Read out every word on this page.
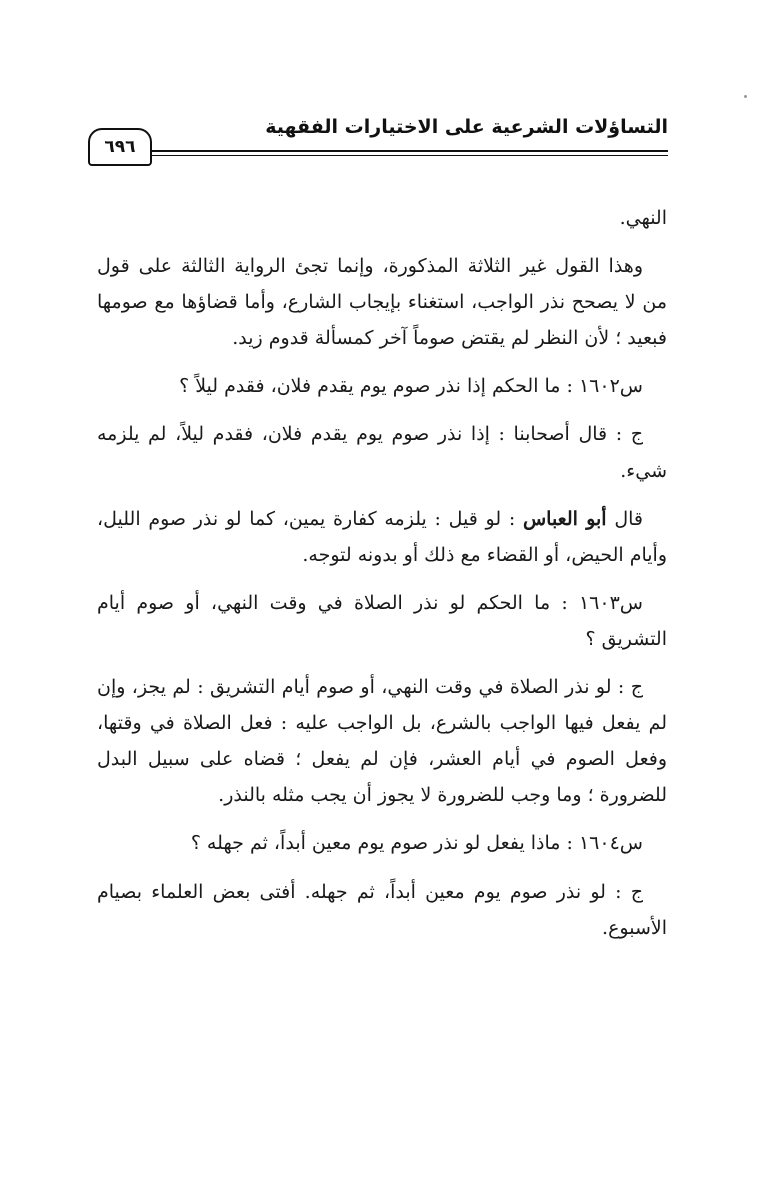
التساؤلات الشرعية على الاختيارات الفقهية
٦٩٦

النهي.

وهذا القول غير الثلاثة المذكورة، وإنما تجئ الرواية الثالثة على قول من لا يصحح نذر الواجب، استغناء بإيجاب الشارع، وأما قضاؤها مع صومها فبعيد ؛ لأن النظر لم يقتض صوماً آخر كمسألة قدوم زيد.

س١٦٠٢ : ما الحكم إذا نذر صوم يوم يقدم فلان، فقدم ليلاً ؟

ج : قال أصحابنا : إذا نذر صوم يوم يقدم فلان، فقدم ليلاً، لم يلزمه شيء.

قال أبو العباس : لو قيل : يلزمه كفارة يمين، كما لو نذر صوم الليل، وأيام الحيض، أو القضاء مع ذلك أو بدونه لتوجه.

س١٦٠٣ : ما الحكم لو نذر الصلاة في وقت النهي، أو صوم أيام التشريق ؟

ج : لو نذر الصلاة في وقت النهي، أو صوم أيام التشريق : لم يجز، وإن لم يفعل فيها الواجب بالشرع، بل الواجب عليه : فعل الصلاة في وقتها، وفعل الصوم في أيام العشر، فإن لم يفعل ؛ قضاه على سبيل البدل للضرورة ؛ وما وجب للضرورة لا يجوز أن يجب مثله بالنذر.

س١٦٠٤ : ماذا يفعل لو نذر صوم يوم معين أبداً، ثم جهله ؟

ج : لو نذر صوم يوم معين أبداً، ثم جهله. أفتى بعض العلماء بصيام الأسبوع.
